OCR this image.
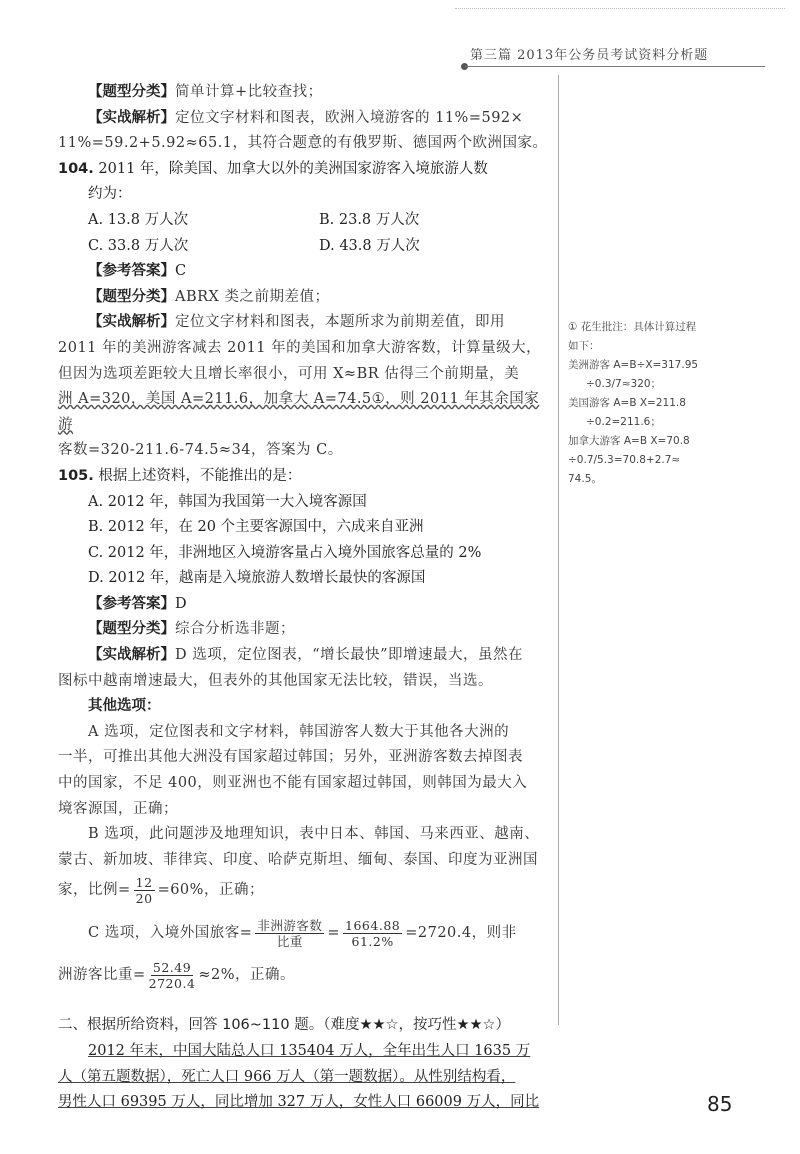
第三篇 2013年公务员考试资料分析题

【题型分类】简单计算+比较查找；

【实战解析】定位文字材料和图表，欧洲入境游客的 11%=592×

11%=59.2+5.92≈65.1，其符合题意的有俄罗斯、德国两个欧洲国家。

104. 2011 年，除美国、加拿大以外的美洲国家游客入境旅游人数

约为：

A. 13.8 万人次	B. 23.8 万人次
C. 33.8 万人次	D. 43.8 万人次

【参考答案】C

【题型分类】ABRX 类之前期差值；

【实战解析】定位文字材料和图表，本题所求为前期差值，即用

2011 年的美洲游客减去 2011 年的美国和加拿大游客数，计算量级大，

但因为选项差距较大且增长率很小，可用 X≈BR 估得三个前期量，美

洲 A=320，美国 A=211.6，加拿大 A=74.5①，则 2011 年其余国家游

客数=320-211.6-74.5≈34，答案为 C。

105. 根据上述资料，不能推出的是：

A. 2012 年，韩国为我国第一大入境客源国

B. 2012 年，在 20 个主要客源国中，六成来自亚洲

C. 2012 年，非洲地区入境游客量占入境外国旅客总量的 2%

D. 2012 年，越南是入境旅游人数增长最快的客源国

【参考答案】D

【题型分类】综合分析选非题；

【实战解析】D 选项，定位图表，“增长最快”即增速最大，虽然在

图标中越南增速最大，但表外的其他国家无法比较，错误，当选。

其他选项：

A 选项，定位图表和文字材料，韩国游客人数大于其他各大洲的

一半，可推出其他大洲没有国家超过韩国；另外，亚洲游客数去掉图表

中的国家，不足 400，则亚洲也不能有国家超过韩国，则韩国为最大入

境客源国，正确；

B 选项，此问题涉及地理知识，表中日本、韩国、马来西亚、越南、

蒙古、新加坡、菲律宾、印度、哈萨克斯坦、缅甸、泰国、印度为亚洲国

家，比例= $\frac{12}{20} =60\%$，正确；

C 选项，入境外国旅客= $\frac{\text{非洲游客数}}{\text{比重}} = \frac{1664.88}{61.2\%} =2720.4$，则非

洲游客比重= $\frac{52.49}{2720.4} \approx 2\%$，正确。

二、根据所给资料，回答 106~110 题。（难度★★☆，按巧性★★☆）

2012 年末，中国大陆总人口 135404 万人，全年出生人口 1635 万

人（第五题数据），死亡人口 966 万人（第一题数据）。从性别结构看，

男性人口 69395 万人，同比增加 327 万人，女性人口 66009 万人，同比

① 花生批注：具体计算过程
如下：
美洲游客 A=B÷X=317.95
÷0.3/7≈320；
美国游客 A=B X=211.8
÷0.2=211.6；
加拿大游客 A=B X=70.8
÷0.7/5.3=70.8+2.7≈
74.5。
85
